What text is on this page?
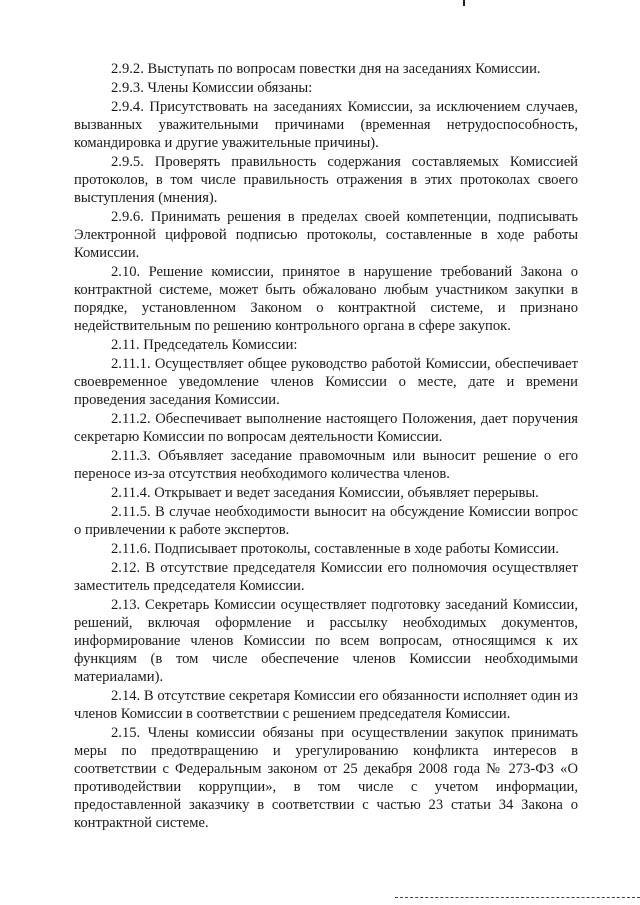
2.9.2. Выступать по вопросам повестки дня на заседаниях Комиссии.

2.9.3. Члены Комиссии обязаны:

2.9.4. Присутствовать на заседаниях Комиссии, за исключением случаев, вызванных уважительными причинами (временная нетрудоспособность, командировка и другие уважительные причины).

2.9.5. Проверять правильность содержания составляемых Комиссией протоколов, в том числе правильность отражения в этих протоколах своего выступления (мнения).

2.9.6. Принимать решения в пределах своей компетенции, подписывать Электронной цифровой подписью протоколы, составленные в ходе работы Комиссии.

2.10. Решение комиссии, принятое в нарушение требований Закона о контрактной системе, может быть обжаловано любым участником закупки в порядке, установленном Законом о контрактной системе, и признано недействительным по решению контрольного органа в сфере закупок.

2.11. Председатель Комиссии:

2.11.1. Осуществляет общее руководство работой Комиссии, обеспечивает своевременное уведомление членов Комиссии о месте, дате и времени проведения заседания Комиссии.

2.11.2. Обеспечивает выполнение настоящего Положения, дает поручения секретарю Комиссии по вопросам деятельности Комиссии.

2.11.3. Объявляет заседание правомочным или выносит решение о его переносе из-за отсутствия необходимого количества членов.

2.11.4. Открывает и ведет заседания Комиссии, объявляет перерывы.

2.11.5. В случае необходимости выносит на обсуждение Комиссии вопрос о привлечении к работе экспертов.

2.11.6. Подписывает протоколы, составленные в ходе работы Комиссии.

2.12. В отсутствие председателя Комиссии его полномочия осуществляет заместитель председателя Комиссии.

2.13. Секретарь Комиссии осуществляет подготовку заседаний Комиссии, решений, включая оформление и рассылку необходимых документов, информирование членов Комиссии по всем вопросам, относящимся к их функциям (в том числе обеспечение членов Комиссии необходимыми материалами).

2.14. В отсутствие секретаря Комиссии его обязанности исполняет один из членов Комиссии в соответствии с решением председателя Комиссии.

2.15. Члены комиссии обязаны при осуществлении закупок принимать меры по предотвращению и урегулированию конфликта интересов в соответствии с Федеральным законом от 25 декабря 2008 года № 273-ФЗ «О противодействии коррупции», в том числе с учетом информации, предоставленной заказчику в соответствии с частью 23 статьи 34 Закона о контрактной системе.
